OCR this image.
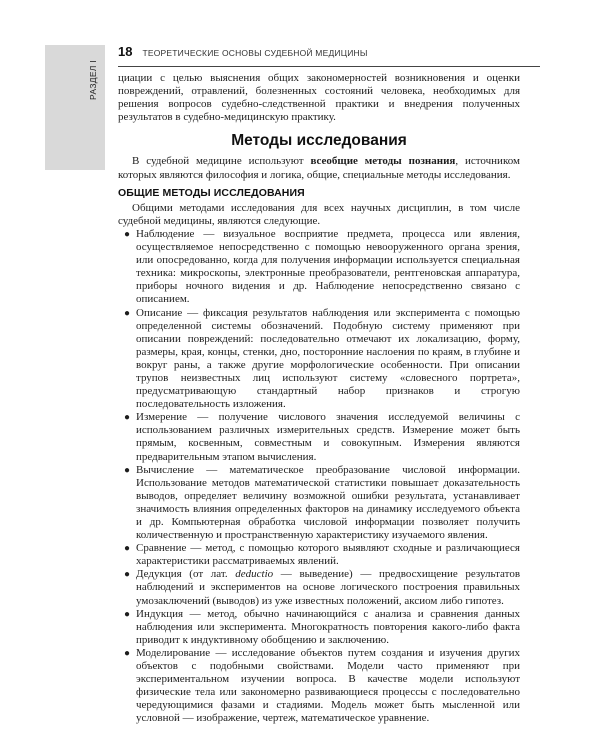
РАЗДЕЛ I
18 ТЕОРЕТИЧЕСКИЕ ОСНОВЫ СУДЕБНОЙ МЕДИЦИНЫ

циации с целью выяснения общих закономерностей возникновения и оценки повреждений, отравлений, болезненных состояний человека, необходимых для решения вопросов судебно-следственной практики и внедрения полученных результатов в судебно-медицинскую практику.

Методы исследования

В судебной медицине используют всеобщие методы познания, источником которых являются философия и логика, общие, специальные методы исследования.

ОБЩИЕ МЕТОДЫ ИССЛЕДОВАНИЯ

Общими методами исследования для всех научных дисциплин, в том числе судебной медицины, являются следующие.

● Наблюдение — визуальное восприятие предмета, процесса или явления, осуществляемое непосредственно с помощью невооруженного органа зрения, или опосредованно, когда для получения информации используется специальная техника: микроскопы, электронные преобразователи, рентгеновская аппаратура, приборы ночного видения и др. Наблюдение непосредственно связано с описанием.
● Описание — фиксация результатов наблюдения или эксперимента с помощью определенной системы обозначений. Подобную систему применяют при описании повреждений: последовательно отмечают их локализацию, форму, размеры, края, концы, стенки, дно, посторонние наслоения по краям, в глубине и вокруг раны, а также другие морфологические особенности. При описании трупов неизвестных лиц используют систему «словесного портрета», предусматривающую стандартный набор признаков и строгую последовательность изложения.
● Измерение — получение числового значения исследуемой величины с использованием различных измерительных средств. Измерение может быть прямым, косвенным, совместным и совокупным. Измерения являются предварительным этапом вычисления.
● Вычисление — математическое преобразование числовой информации. Использование методов математической статистики повышает доказательность выводов, определяет величину возможной ошибки результата, устанавливает значимость влияния определенных факторов на динамику исследуемого объекта и др. Компьютерная обработка числовой информации позволяет получить количественную и пространственную характеристику изучаемого явления.
● Сравнение — метод, с помощью которого выявляют сходные и различающиеся характеристики рассматриваемых явлений.
● Дедукция (от лат. deductio — выведение) — предвосхищение результатов наблюдений и экспериментов на основе логического построения правильных умозаключений (выводов) из уже известных положений, аксиом либо гипотез.
● Индукция — метод, обычно начинающийся с анализа и сравнения данных наблюдения или эксперимента. Многократность повторения какого-либо факта приводит к индуктивному обобщению и заключению.
● Моделирование — исследование объектов путем создания и изучения других объектов с подобными свойствами. Модели часто применяют при экспериментальном изучении вопроса. В качестве модели используют физические тела или закономерно развивающиеся процессы с последовательно чередующимися фазами и стадиями. Модель может быть мысленной или условной — изображение, чертеж, математическое уравнение.
